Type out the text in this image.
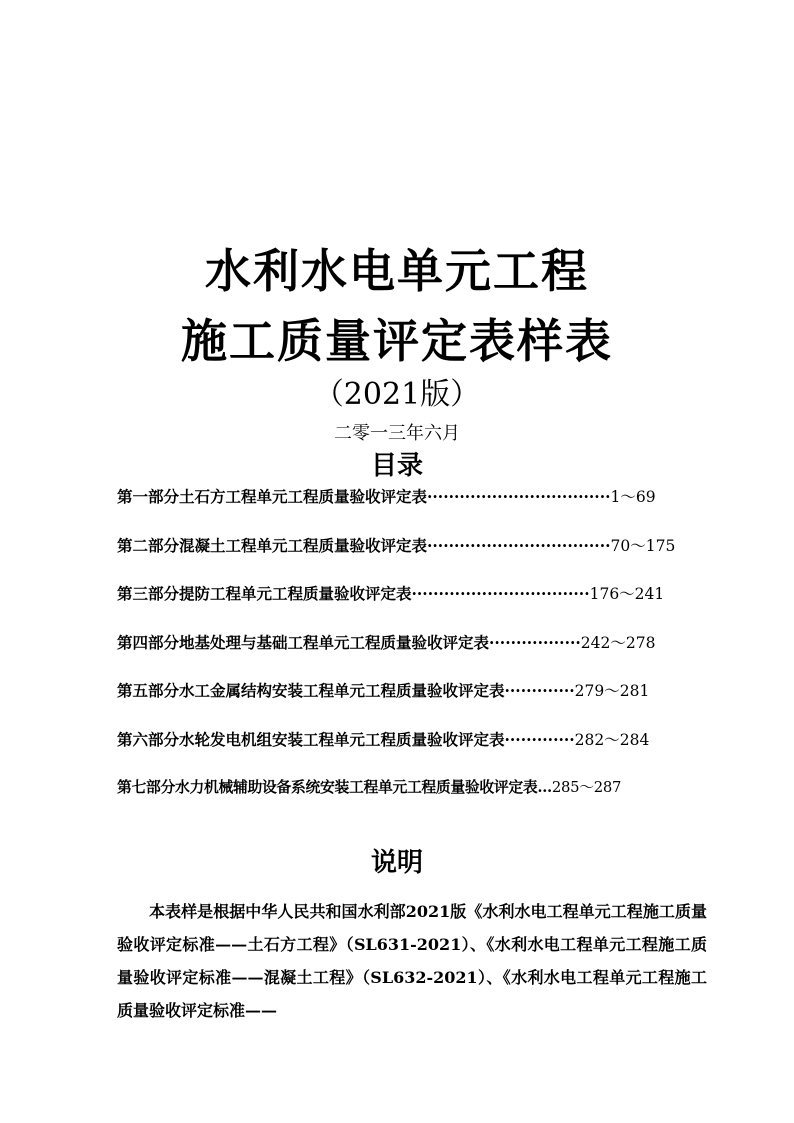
水利水电单元工程
施工质量评定表样表
（2021版）
二零一三年六月
目录
第一部分土石方工程单元工程质量验收评定表··································1～69
第二部分混凝土工程单元工程质量验收评定表··································70～175
第三部分提防工程单元工程质量验收评定表·································176～241
第四部分地基处理与基础工程单元工程质量验收评定表·················242～278
第五部分水工金属结构安装工程单元工程质量验收评定表·············279～281
第六部分水轮发电机组安装工程单元工程质量验收评定表·············282～284
第七部分水力机械辅助设备系统安装工程单元工程质量验收评定表…285～287
说明

本表样是根据中华人民共和国水利部2021版《水利水电工程单元工程施工质量验收评定标准——土石方工程》（SL631-2021）、《水利水电工程单元工程施工质量验收评定标准——混凝土工程》（SL632-2021）、《水利水电工程单元工程施工质量验收评定标准——
